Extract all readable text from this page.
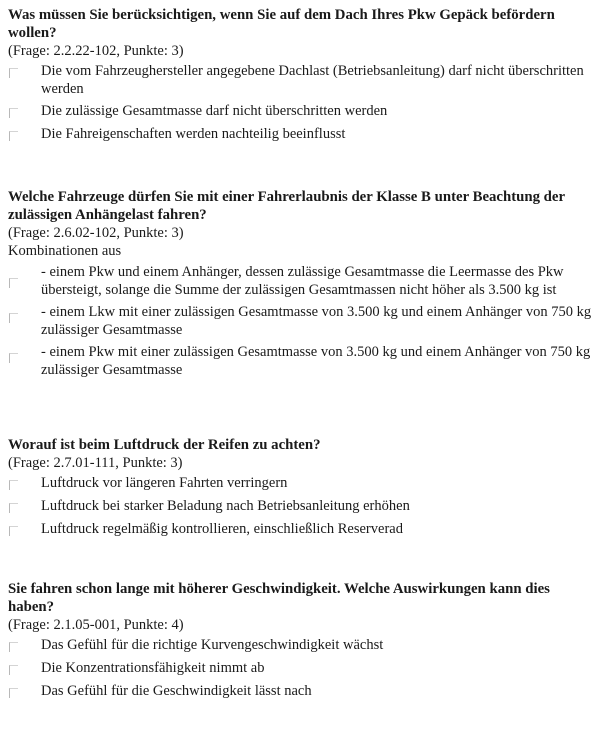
Was müssen Sie berücksichtigen, wenn Sie auf dem Dach Ihres Pkw Gepäck befördern wollen?

(Frage: 2.2.22-102, Punkte: 3)

Die vom Fahrzeughersteller angegebene Dachlast (Betriebsanleitung) darf nicht überschritten werden
Die zulässige Gesamtmasse darf nicht überschritten werden
Die Fahreigenschaften werden nachteilig beeinflusst

Welche Fahrzeuge dürfen Sie mit einer Fahrerlaubnis der Klasse B unter Beachtung der zulässigen Anhängelast fahren?

(Frage: 2.6.02-102, Punkte: 3)

Kombinationen aus

- einem Pkw und einem Anhänger, dessen zulässige Gesamtmasse die Leermasse des Pkw übersteigt, solange die Summe der zulässigen Gesamtmassen nicht höher als 3.500 kg ist
- einem Lkw mit einer zulässigen Gesamtmasse von 3.500 kg und einem Anhänger von 750 kg zulässiger Gesamtmasse
- einem Pkw mit einer zulässigen Gesamtmasse von 3.500 kg und einem Anhänger von 750 kg zulässiger Gesamtmasse

Worauf ist beim Luftdruck der Reifen zu achten?

(Frage: 2.7.01-111, Punkte: 3)

Luftdruck vor längeren Fahrten verringern
Luftdruck bei starker Beladung nach Betriebsanleitung erhöhen
Luftdruck regelmäßig kontrollieren, einschließlich Reserverad

Sie fahren schon lange mit höherer Geschwindigkeit. Welche Auswirkungen kann dies haben?

(Frage: 2.1.05-001, Punkte: 4)

Das Gefühl für die richtige Kurvengeschwindigkeit wächst
Die Konzentrationsfähigkeit nimmt ab
Das Gefühl für die Geschwindigkeit lässt nach
